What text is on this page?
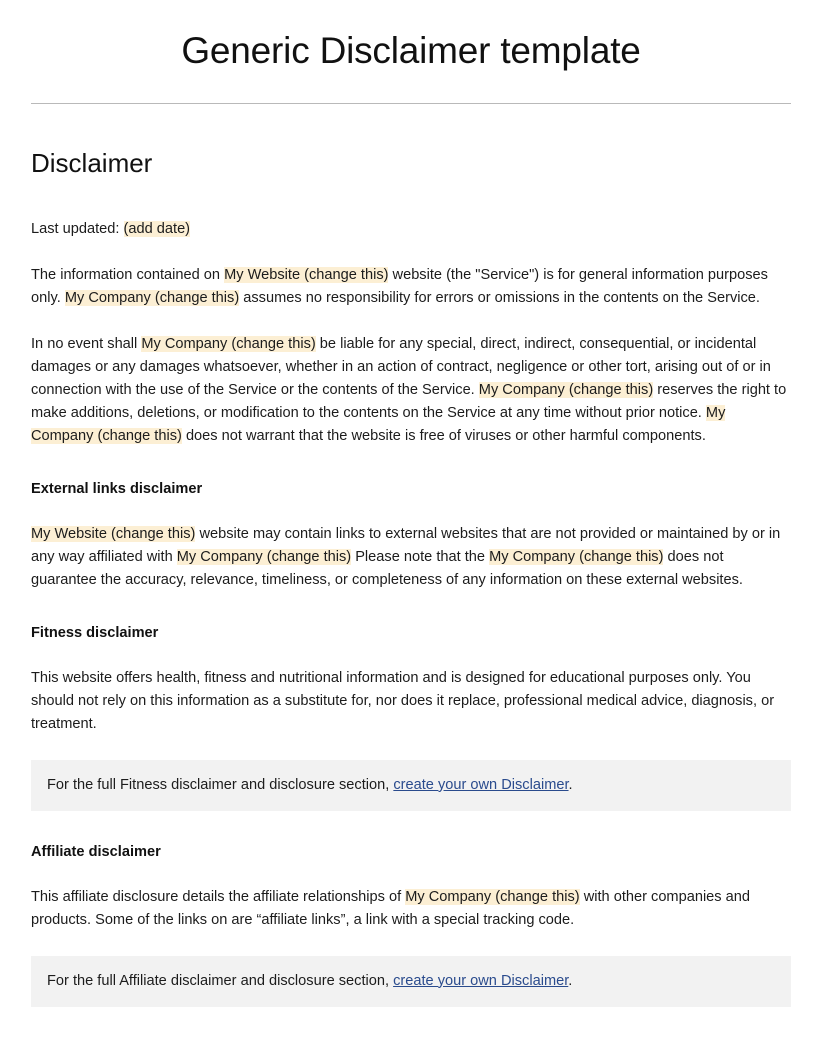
Generic Disclaimer template
Disclaimer

Last updated: (add date)

The information contained on My Website (change this) website (the "Service") is for general information purposes only. My Company (change this) assumes no responsibility for errors or omissions in the contents on the Service.

In no event shall My Company (change this) be liable for any special, direct, indirect, consequential, or incidental damages or any damages whatsoever, whether in an action of contract, negligence or other tort, arising out of or in connection with the use of the Service or the contents of the Service. My Company (change this) reserves the right to make additions, deletions, or modification to the contents on the Service at any time without prior notice. My Company (change this) does not warrant that the website is free of viruses or other harmful components.

External links disclaimer

My Website (change this) website may contain links to external websites that are not provided or maintained by or in any way affiliated with My Company (change this) Please note that the My Company (change this) does not guarantee the accuracy, relevance, timeliness, or completeness of any information on these external websites.

Fitness disclaimer

This website offers health, fitness and nutritional information and is designed for educational purposes only. You should not rely on this information as a substitute for, nor does it replace, professional medical advice, diagnosis, or treatment.

For the full Fitness disclaimer and disclosure section, create your own Disclaimer.

Affiliate disclaimer

This affiliate disclosure details the affiliate relationships of My Company (change this) with other companies and products. Some of the links on are “affiliate links”, a link with a special tracking code.

For the full Affiliate disclaimer and disclosure section, create your own Disclaimer.
